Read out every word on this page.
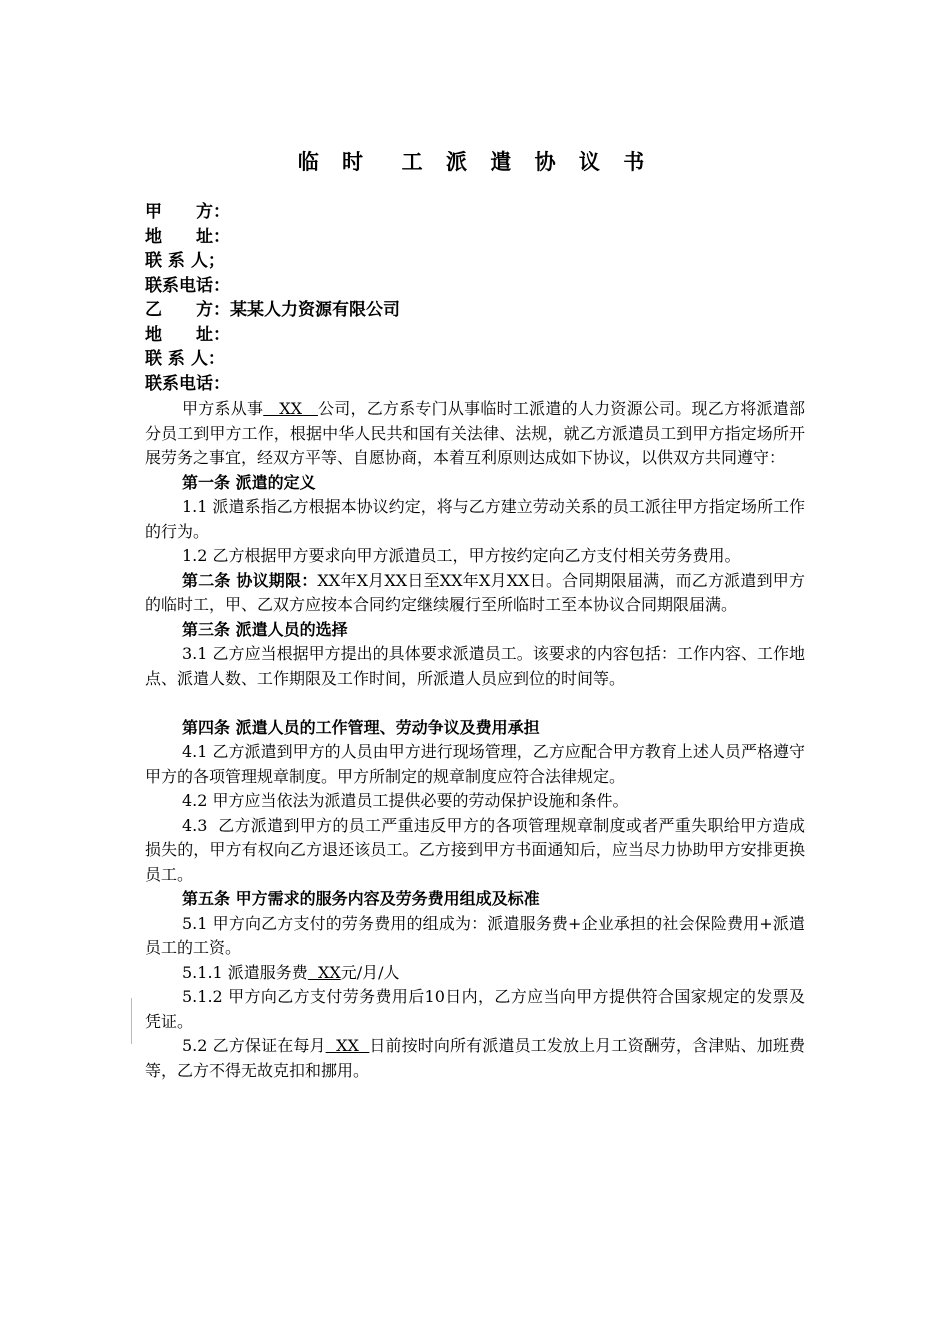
临 时  工 派 遣 协 议 书
甲　　方：
地　　址：
联 系 人；
联系电话：
乙　　方：某某人力资源有限公司
地　　址：
联 系 人：
联系电话：

甲方系从事   XX   公司，乙方系专门从事临时工派遣的人力资源公司。现乙方将派遣部分员工到甲方工作，根据中华人民共和国有关法律、法规，就乙方派遣员工到甲方指定场所开展劳务之事宜，经双方平等、自愿协商，本着互利原则达成如下协议，以供双方共同遵守：

第一条 派遣的定义

1.1 派遣系指乙方根据本协议约定，将与乙方建立劳动关系的员工派往甲方指定场所工作的行为。

1.2 乙方根据甲方要求向甲方派遣员工，甲方按约定向乙方支付相关劳务费用。

第二条 协议期限：XX年X月XX日至XX年X月XX日。合同期限届满，而乙方派遣到甲方的临时工，甲、乙双方应按本合同约定继续履行至所临时工至本协议合同期限届满。

第三条 派遣人员的选择

3.1 乙方应当根据甲方提出的具体要求派遣员工。该要求的内容包括：工作内容、工作地点、派遣人数、工作期限及工作时间，所派遣人员应到位的时间等。

第四条 派遣人员的工作管理、劳动争议及费用承担

4.1 乙方派遣到甲方的人员由甲方进行现场管理，乙方应配合甲方教育上述人员严格遵守甲方的各项管理规章制度。甲方所制定的规章制度应符合法律规定。

4.2 甲方应当依法为派遣员工提供必要的劳动保护设施和条件。

4.3  乙方派遣到甲方的员工严重违反甲方的各项管理规章制度或者严重失职给甲方造成损失的，甲方有权向乙方退还该员工。乙方接到甲方书面通知后，应当尽力协助甲方安排更换员工。

第五条 甲方需求的服务内容及劳务费用组成及标准

5.1 甲方向乙方支付的劳务费用的组成为：派遣服务费+企业承担的社会保险费用+派遣员工的工资。

5.1.1 派遣服务费  XX元/月/人

5.1.2 甲方向乙方支付劳务费用后10日内，乙方应当向甲方提供符合国家规定的发票及凭证。

5.2 乙方保证在每月  XX  日前按时向所有派遣员工发放上月工资酬劳，含津贴、加班费等，乙方不得无故克扣和挪用。
